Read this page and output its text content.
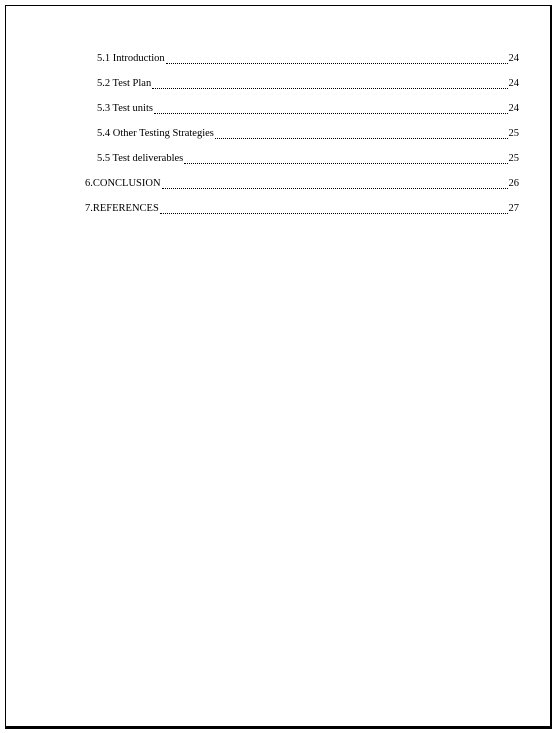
5.1 Introduction	24
5.2 Test Plan	24
5.3 Test units	24
5.4 Other Testing Strategies	25
5.5 Test deliverables	25
6.CONCLUSION	26
7.REFERENCES	27
